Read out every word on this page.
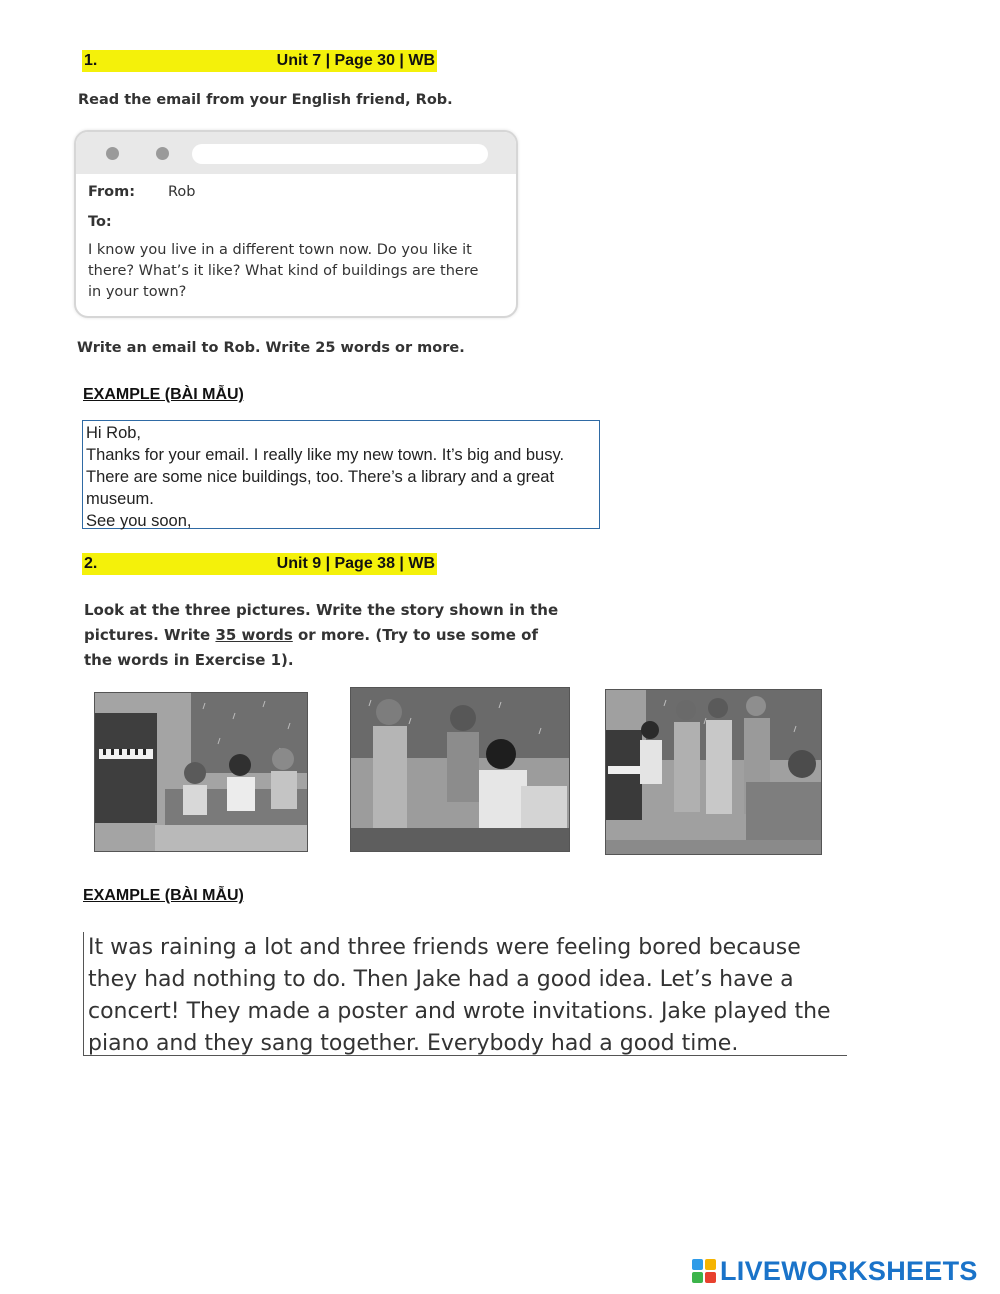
1.	Unit 7 | Page 30 | WB
Read the email from your English friend, Rob.
From: Rob
To:
I know you live in a different town now. Do you like it
there? What’s it like? What kind of buildings are there
in your town?
Write an email to Rob. Write 25 words or more.
EXAMPLE (BÀI MẪU)
Hi Rob,
Thanks for your email. I really like my new town. It’s big and busy.
There are some nice buildings, too. There’s a library and a great
museum.
See you soon,
2.	Unit 9 | Page 38 | WB
Look at the three pictures. Write the story shown in the pictures. Write 35 words or more. (Try to use some of the words in Exercise 1).
EXAMPLE (BÀI MẪU)
It was raining a lot and three friends were feeling bored because
they had nothing to do. Then Jake had a good idea. Let’s have a
concert! They made a poster and wrote invitations. Jake played the
piano and they sang together. Everybody had a good time.
LIVEWORKSHEETS
